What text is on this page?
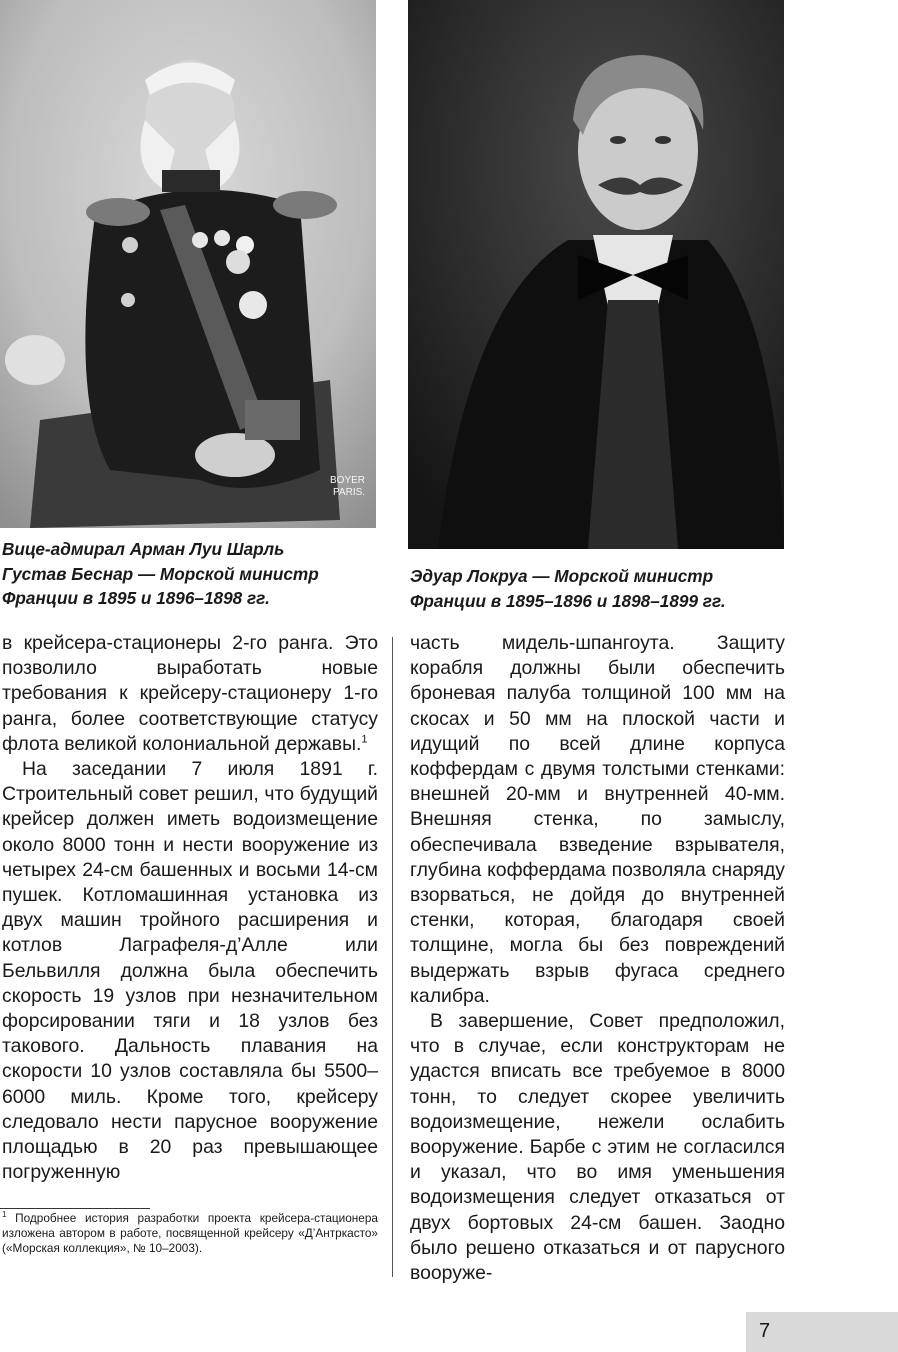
BOYER
PARIS.

Вице-адмирал Арман Луи Шарль
Густав Беснар — Морской министр
Франции в 1895 и 1896–1898 гг.

Эдуар Локруа — Морской министр
Франции в 1895–1896 и 1898–1899 гг.

в крейсера-стационеры 2-го ранга. Это позволило выработать новые требования к крейсеру-стационеру 1-го ранга, более соответствующие статусу флота великой колониальной державы.$^1$

На заседании 7 июля 1891 г. Строительный совет решил, что будущий крейсер должен иметь водоизмещение около 8000 тонн и нести вооружение из четырех 24-см башенных и восьми 14-см пушек. Котломашинная установка из двух машин тройного расширения и котлов Лаграфеля-д’Алле или Бельвилля должна была обеспечить скорость 19 узлов при незначительном форсировании тяги и 18 узлов без такового. Дальность плавания на скорости 10 узлов составляла бы 5500–6000 миль. Кроме того, крейсеру следовало нести парусное вооружение площадью в 20 раз превышающее погруженную

часть мидель-шпангоута. Защиту корабля должны были обеспечить броневая палуба толщиной 100 мм на скосах и 50 мм на плоской части и идущий по всей длине корпуса коффердам с двумя толстыми стенками: внешней 20-мм и внутренней 40-мм. Внешняя стенка, по замыслу, обеспечивала взведение взрывателя, глубина коффердама позволяла снаряду взорваться, не дойдя до внутренней стенки, которая, благодаря своей толщине, могла бы без повреждений выдержать взрыв фугаса среднего калибра.

В завершение, Совет предположил, что в случае, если конструкторам не удастся вписать все требуемое в 8000 тонн, то следует скорее увеличить водоизмещение, нежели ослабить вооружение. Барбе с этим не согласился и указал, что во имя уменьшения водоизмещения следует отказаться от двух бортовых 24-см башен. Заодно было решено отказаться и от парусного вооруже-

$^1$ Подробнее история разработки проекта крейсера-стационера изложена автором в работе, посвященной крейсеру «Д’Антркасто» («Морская коллекция», № 10–2003).
7
